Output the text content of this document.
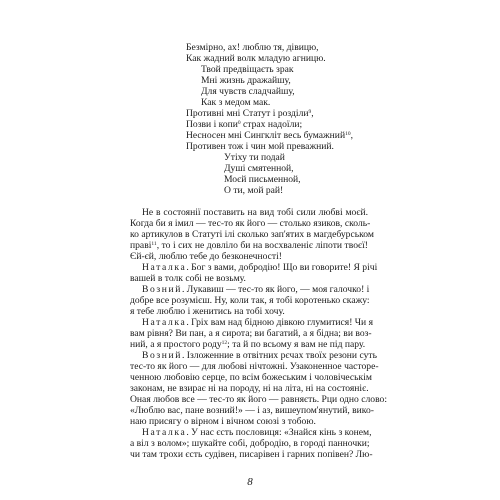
Безмірно, ах! люблю тя, дівицю,
Как жадний волк младую агницю.
Твой предвіщаєть зрак
Мні жизнь дражайшу,
Для чувств сладчайшу,
Как з медом мак.
Противні мні Статут і розділи$^9$,
Позви і копи$^0$ страх надоїли;
Несносен мні Сингкліт весь бумажний$^{10}$,
Противен тож і чин мой преважний.
Утіху ти подай
Душі смятенной,
Моєй письменной,
О ти, мой рай!

Не в состоянії поставить на вид тобі сили любві моєй.
Когда би я імил — тес-то як його — столько язиков, сколь-
ко артикулов в Статуті ілі сколько зап'ятих в магдебурськом
праві$^{11}$, то і сих не довліло би на восхваленіє ліпоти твоєї!
Єй-єй, люблю тебе до безконечності!

Наталка. Бог з вами, добродію! Що ви говорите! Я річі
вашей в толк собі не возьму.

Возний. Лукавиш — тес-то як його, — моя галочко! і
добре все розумієш. Ну, коли так, я тобі коротенько скажу:
я тебе люблю і женитись на тобі хочу.

Наталка. Гріх вам над бідною дівкою глумитися! Чи я
вам рівня? Ви пан, а я сирота; ви багатий, а я бідна; ви воз-
ний, а я простого роду$^{12}$; та й по всьому я вам не під пару.

Возний. Ізложенние в отвітних рєчах твоїх резони суть
тес-то як його — для любові нічтожні. Узаконенное часторе-
ченною любовію серце, по всім божеським і чоловічеськім
законам, не взирає ні на породу, ні на літа, ні на состояніє.
Оная любов все — тес-то як його — равняєть. Рци одно слово:
«Люблю вас, пане возний!» — і аз, вишеупом'янутий, вико-
наю присягу о вірном і вічном союзі з тобою.

Наталка. У нас єсть пословиця: «Знайся кінь з конем,
а віл з волом»; шукайте собі, добродію, в городі панночки;
чи там трохи єсть судівен, писарівен і гарних попівен? Лю-

8
